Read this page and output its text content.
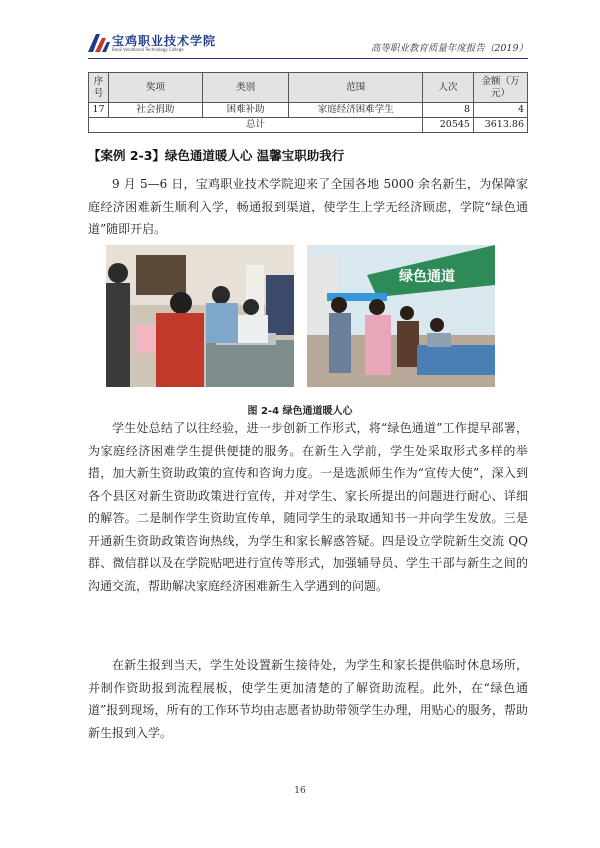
宝鸡职业技术学院
Baoji Vocational Technology College	高等职业教育质量年度报告（2019）
序号	奖项	类别	范围	人次	金额（万元）
17	社会捐助	困难补助	家庭经济困难学生	8	4
总计				20545	3613.86
【案例 2-3】绿色通道暖人心 温馨宝职助我行

9 月 5—6 日，宝鸡职业技术学院迎来了全国各地 5000 余名新生，为保障家庭经济困难新生顺利入学，畅通报到渠道，使学生上学无经济顾虑，学院“绿色通道”随即开启。

绿色通道
图 2-4 绿色通道暖人心

学生处总结了以往经验，进一步创新工作形式，将“绿色通道”工作提早部署，为家庭经济困难学生提供便捷的服务。在新生入学前，学生处采取形式多样的举措，加大新生资助政策的宣传和咨询力度。一是选派师生作为“宣传大使”，深入到各个县区对新生资助政策进行宣传，并对学生、家长所提出的问题进行耐心、详细的解答。二是制作学生资助宣传单，随同学生的录取通知书一并向学生发放。三是开通新生资助政策咨询热线，为学生和家长解惑答疑。四是设立学院新生交流 QQ 群、微信群以及在学院贴吧进行宣传等形式，加强辅导员、学生干部与新生之间的沟通交流，帮助解决家庭经济困难新生入学遇到的问题。

在新生报到当天，学生处设置新生接待处，为学生和家长提供临时休息场所，并制作资助报到流程展板，使学生更加清楚的了解资助流程。此外，在“绿色通道”报到现场，所有的工作环节均由志愿者协助带领学生办理，用贴心的服务，帮助新生报到入学。

16
